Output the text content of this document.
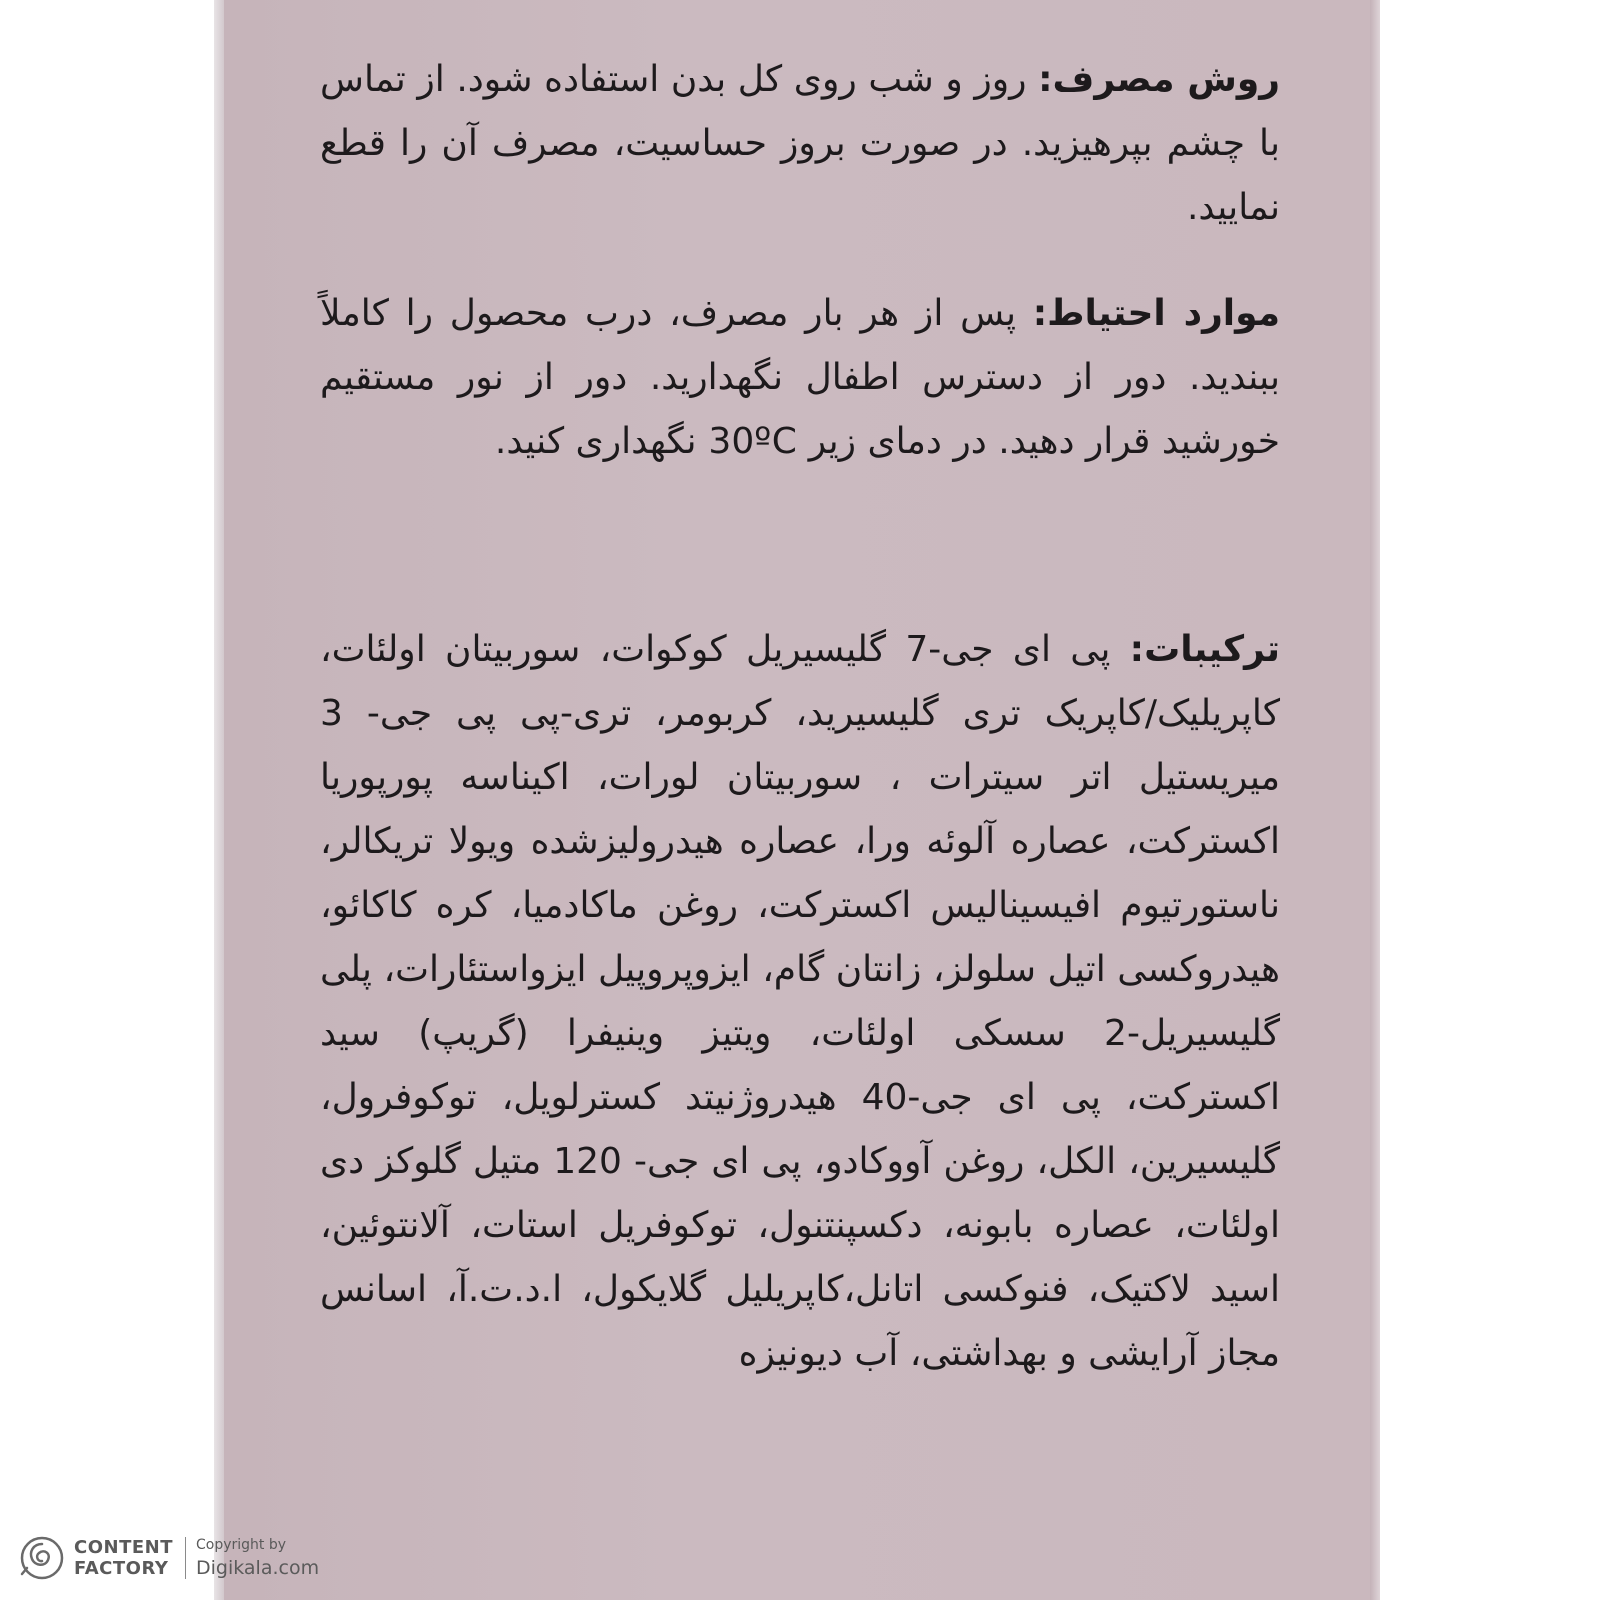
روش مصرف: روز و شب روی کل بدن استفاده شود. از تماس با چشم بپرهیزید. در صورت بروز حساسیت، مصرف آن را قطع نمایید.
موارد احتیاط: پس از هر بار مصرف، درب محصول را کاملاً ببندید. دور از دسترس اطفال نگهدارید. دور از نور مستقیم خورشید قرار دهید. در دمای زیر 30ºC نگهداری کنید.
ترکیبات: پی ای جی-7 گلیسیریل کوکوات، سوربیتان اولئات، کاپریلیک/کاپریک تری گلیسیرید، کربومر، تری-پی پی جی- 3 میریستیل اتر سیترات ، سوربیتان لورات، اکیناسه پورپوریا اکسترکت، عصاره آلوئه ورا، عصاره هیدرولیزشده ویولا تریکالر، ناستورتیوم افیسینالیس اکسترکت، روغن ماکادمیا، کره کاکائو، هیدروکسی اتیل سلولز، زانتان گام، ایزوپروپیل ایزواستئارات، پلی گلیسیریل-2 سسکی اولئات، ویتیز وینیفرا (گریپ) سید اکسترکت، پی ای جی-40 هیدروژنیتد کسترلویل، توکوفرول، گلیسیرین، الکل، روغن آووکادو، پی ای جی- 120 متیل گلوکز دی اولئات، عصاره بابونه، دکسپنتنول، توکوفریل استات، آلانتوئین، اسید لاکتیک، فنوکسی اتانل،کاپریلیل گلایکول، ا.د.ت.آ، اسانس مجاز آرایشی و بهداشتی، آب دیونیزه
CONTENT
FACTORY
Copyright by
Digikala.com
